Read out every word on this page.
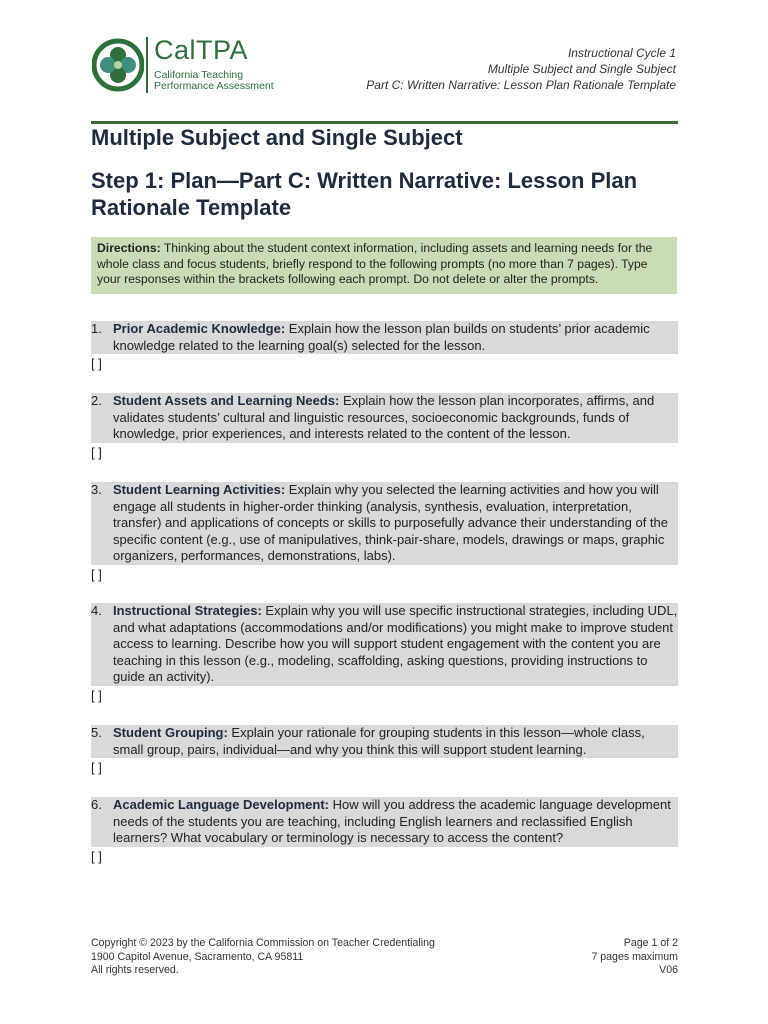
CalTPA
California Teaching
Performance Assessment
Instructional Cycle 1
Multiple Subject and Single Subject
Part C: Written Narrative: Lesson Plan Rationale Template
Multiple Subject and Single Subject
Step 1: Plan—Part C: Written Narrative: Lesson Plan Rationale Template
Directions: Thinking about the student context information, including assets and learning needs for the whole class and focus students, briefly respond to the following prompts (no more than 7 pages). Type your responses within the brackets following each prompt. Do not delete or alter the prompts.
1. Prior Academic Knowledge: Explain how the lesson plan builds on students’ prior academic knowledge related to the learning goal(s) selected for the lesson.
[ ]
2. Student Assets and Learning Needs: Explain how the lesson plan incorporates, affirms, and validates students’ cultural and linguistic resources, socioeconomic backgrounds, funds of knowledge, prior experiences, and interests related to the content of the lesson.
[ ]
3. Student Learning Activities: Explain why you selected the learning activities and how you will engage all students in higher-order thinking (analysis, synthesis, evaluation, interpretation, transfer) and applications of concepts or skills to purposefully advance their understanding of the specific content (e.g., use of manipulatives, think-pair-share, models, drawings or maps, graphic organizers, performances, demonstrations, labs).
[ ]
4. Instructional Strategies: Explain why you will use specific instructional strategies, including UDL, and what adaptations (accommodations and/or modifications) you might make to improve student access to learning. Describe how you will support student engagement with the content you are teaching in this lesson (e.g., modeling, scaffolding, asking questions, providing instructions to guide an activity).
[ ]
5. Student Grouping: Explain your rationale for grouping students in this lesson—whole class, small group, pairs, individual—and why you think this will support student learning.
[ ]
6. Academic Language Development: How will you address the academic language development needs of the students you are teaching, including English learners and reclassified English learners? What vocabulary or terminology is necessary to access the content?
[ ]
Copyright © 2023 by the California Commission on Teacher Credentialing
1900 Capitol Avenue, Sacramento, CA 95811
All rights reserved.
Page 1 of 2
7 pages maximum
V06
